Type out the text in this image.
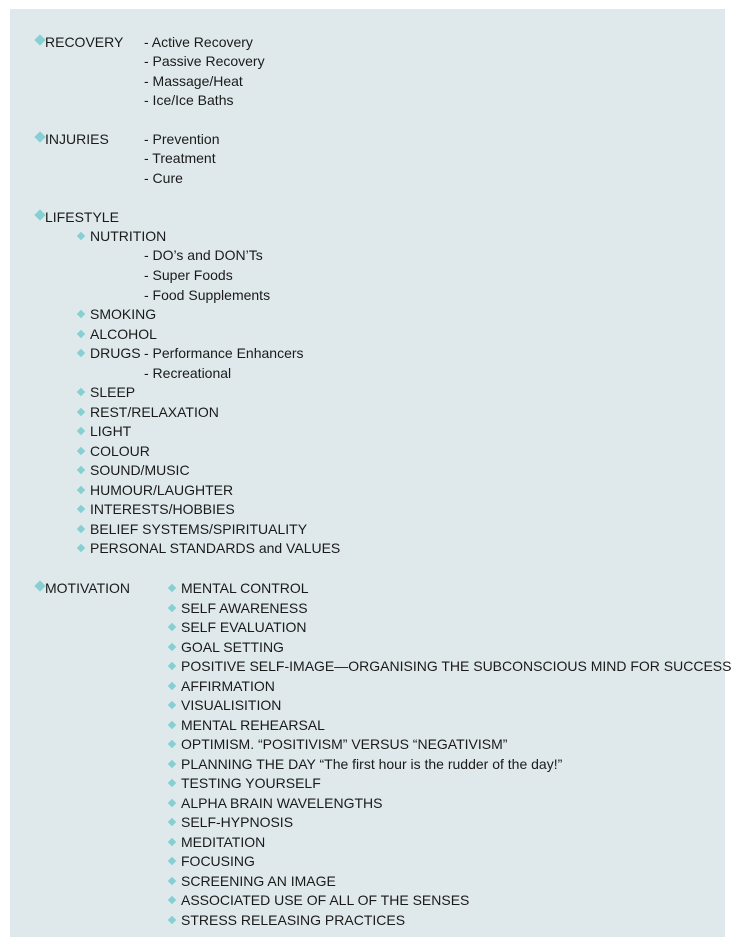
RECOVERY - Active Recovery
- Passive Recovery
- Massage/Heat
- Ice/Ice Baths
INJURIES	- Prevention
- Treatment
- Cure
LIFESTYLE
NUTRITION
- DO’s and DON’Ts
- Super Foods
- Food Supplements
SMOKING
ALCOHOL
DRUGS - Performance Enhancers
- Recreational
SLEEP
REST/RELAXATION
LIGHT
COLOUR
SOUND/MUSIC
HUMOUR/LAUGHTER
INTERESTS/HOBBIES
BELIEF SYSTEMS/SPIRITUALITY
PERSONAL STANDARDS and VALUES
MOTIVATION	MENTAL CONTROL
SELF AWARENESS
SELF EVALUATION
GOAL SETTING
POSITIVE SELF-IMAGE—ORGANISING THE SUBCONSCIOUS MIND FOR SUCCESS
AFFIRMATION
VISUALISITION
MENTAL REHEARSAL
OPTIMISM. “POSITIVISM” VERSUS “NEGATIVISM”
PLANNING THE DAY “The first hour is the rudder of the day!”
TESTING YOURSELF
ALPHA BRAIN WAVELENGTHS
SELF-HYPNOSIS
MEDITATION
FOCUSING
SCREENING AN IMAGE
ASSOCIATED USE OF ALL OF THE SENSES
STRESS RELEASING PRACTICES
